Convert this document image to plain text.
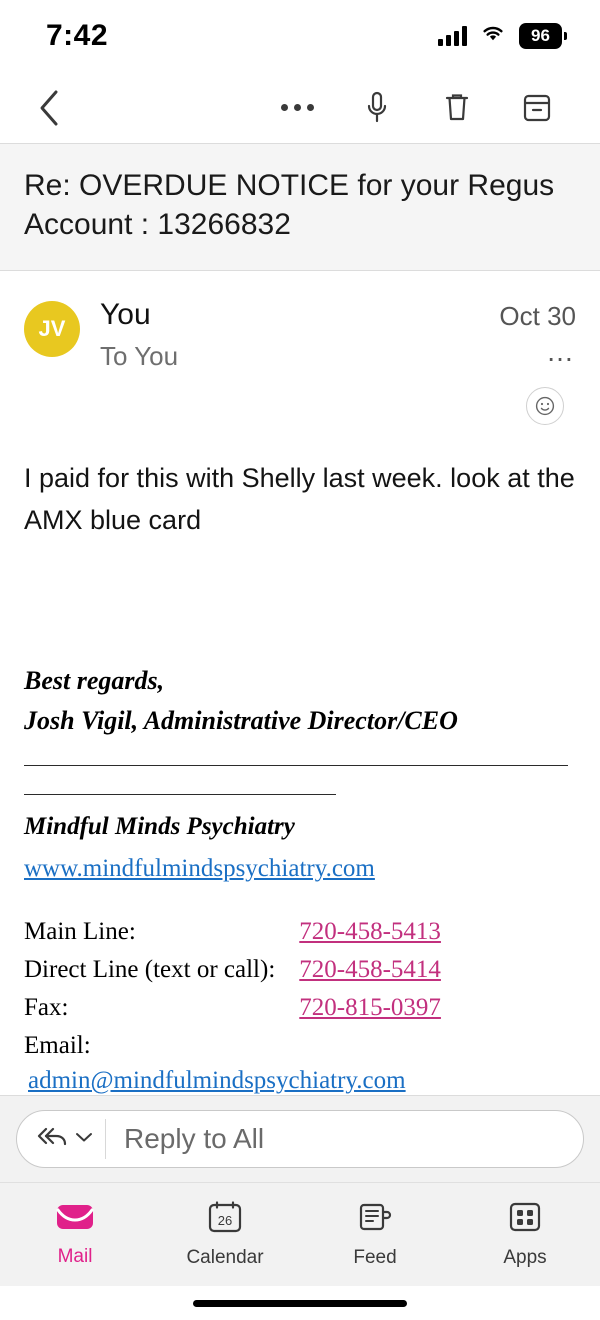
7:42	96
Re: OVERDUE NOTICE for your Regus Account : 13266832
JV	You
To You
Oct 30
…
I paid for this with Shelly last week. look at the AMX blue card
Best regards,
Josh Vigil, Administrative Director/CEO
Mindful Minds Psychiatry
www.mindfulmindspsychiatry.com
Main Line:	720-458-5413
Direct Line (text or call):	720-458-5414
Fax:	720-815-0397
Email:	
admin@mindfulmindspsychiatry.com
Reply to All
Mail
26
Calendar	Feed	Apps
